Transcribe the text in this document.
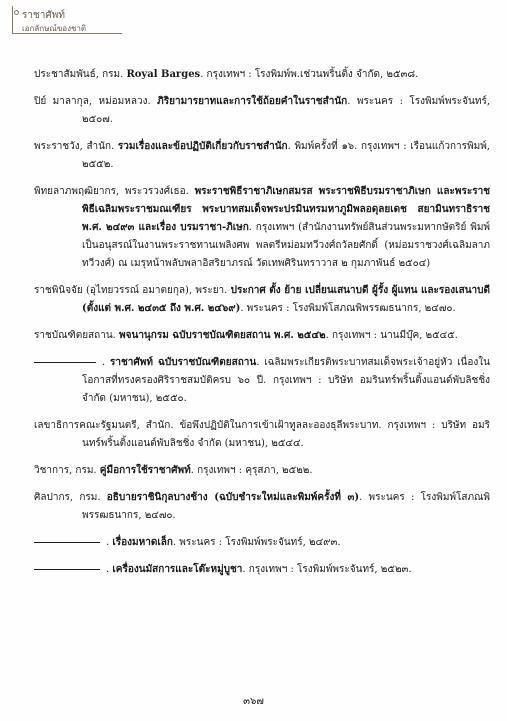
ราชาศัพท์
เอกลักษณ์ของชาติ

ประชาสัมพันธ์, กรม. Royal Barges. กรุงเทพฯ : โรงพิมพ์พ.เช่วนพริ้นติ้ง จำกัด, ๒๕๓๘.

ปิย์ มาลากุล, หม่อมหลวง. ภิริยามารยาทและการใช้ถ้อยคำในราชสำนัก. พระนคร : โรงพิมพ์พระจันทร์, ๒๕๐๗.

พระราชวัง, สำนัก. รวมเรื่องและข้อปฏิบัติเกี่ยวกับราชสำนัก. พิมพ์ครั้งที่ ๑๖. กรุงเทพฯ : เรือนแก้วการพิมพ์, ๒๕๕๒.

พิทยลาภพฤฒิยากร, พระวรวงศ์เธอ. พระราชพิธีราชาภิเษกสมรส พระราชพิธีบรมราชาภิเษก และพระราชพิธีเฉลิมพระราชมณเฑียร พระบาทสมเด็จพระปรมินทรมหาภูมิพลอดุลยเดช สยามินทราธิราช พ.ศ. ๒๔๙๓ และเรื่อง บรมราชา-ภิเษก. กรุงเทพฯ (สำนักงานทรัพย์สินส่วนพระมหากษัตริย์ พิมพ์เป็นอนุสรณ์ในงานพระราชทานเพลิงศพ พลตรีหม่อมทวีวงศ์ถวัลยศักดิ์ (หม่อมราชวงศ์เฉลิมลาภ ทวีวงศ์) ณ เมรุหน้าพลับพลาอิสริยาภรณ์ วัดเทพศิรินทราวาส ๒ กุมภาพันธ์ ๒๕๐๔)

ราชพินิจจัย (อุไทยวรรณ์ อมาตยกุล), พระยา. ประกาศ ตั้ง ย้าย เปลี่ยนเสนาบดี ผู้รั้ง ผู้แทน และรองเสนาบดี (ตั้งแต่ พ.ศ. ๒๔๓๕ ถึง พ.ศ. ๒๔๖๙). พระนคร : โรงพิมพ์โสภณพิพรรฒธนากร, ๒๔๗๐.

ราชบัณฑิตยสถาน. พจนานุกรม ฉบับราชบัณฑิตยสถาน พ.ศ. ๒๕๔๒. กรุงเทพฯ : นานมีบุ๊ค, ๒๕๔๕.

. ราชาศัพท์ ฉบับราชบัณฑิตยสถาน. เฉลิมพระเกียรติพระบาทสมเด็จพระเจ้าอยู่หัว เนื่องในโอกาสที่ทรงครองศิริราชสมบัติครบ ๖๐ ปี. กรุงเทพฯ : บริษัท อมรินทร์พริ้นติ้งแอนด์พับลิชชิ่ง จำกัด (มหาชน), ๒๕๕๐.

เลขาธิการคณะรัฐมนตรี, สำนัก. ข้อพึงปฏิบัติในการเข้าเฝ้าทูลละอองธุลีพระบาท. กรุงเทพฯ : บริษัท อมรินทร์พริ้นติ้งแอนด์พับลิชชิ่ง จำกัด (มหาชน), ๒๕๔๔.

วิชาการ, กรม. คู่มือการใช้ราชาศัพท์. กรุงเทพฯ : คุรุสภา, ๒๕๒๒.

ศิลปากร, กรม. อธิบายราชินิกุลบางช้าง (ฉบับชำระใหม่และพิมพ์ครั้งที่ ๓). พระนคร : โรงพิมพ์โสภณพิพรรฒธนากร, ๒๔๗๐.

. เรื่องมหาดเล็ก. พระนคร : โรงพิมพ์พระจันทร์, ๒๔๙๓.

. เครื่องนมัสการและโต๊ะหมู่บูชา. กรุงเทพฯ : โรงพิมพ์พระจันทร์, ๒๕๒๓.

๓๖๗
